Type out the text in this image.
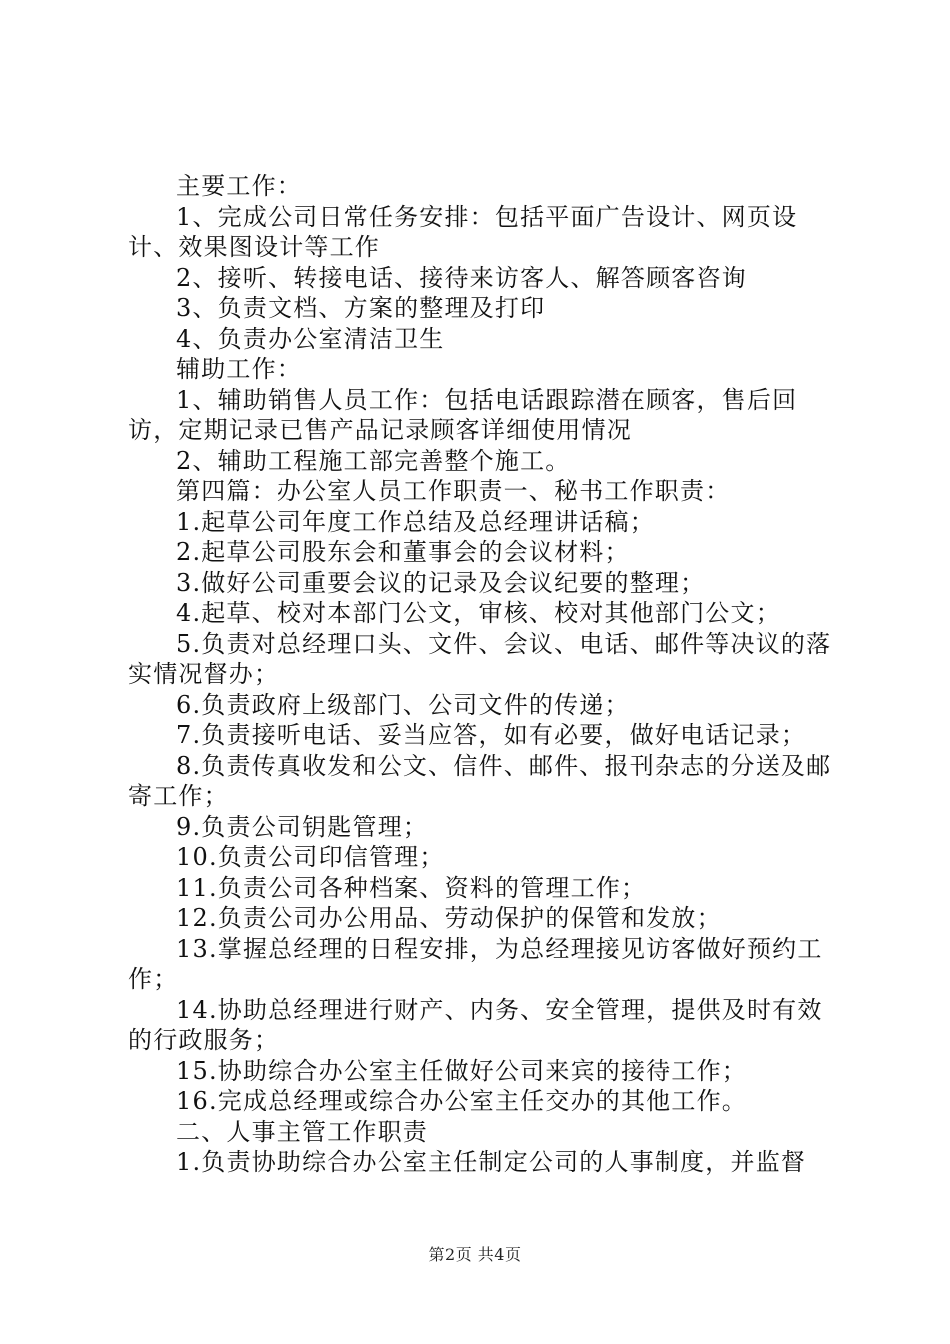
主要工作：

1、完成公司日常任务安排：包括平面广告设计、网页设计、效果图设计等工作

2、接听、转接电话、接待来访客人、解答顾客咨询

3、负责文档、方案的整理及打印

4、负责办公室清洁卫生

辅助工作：

1、辅助销售人员工作：包括电话跟踪潜在顾客，售后回访，定期记录已售产品记录顾客详细使用情况

2、辅助工程施工部完善整个施工。

第四篇：办公室人员工作职责一、秘书工作职责：

1.起草公司年度工作总结及总经理讲话稿；

2.起草公司股东会和董事会的会议材料；

3.做好公司重要会议的记录及会议纪要的整理；

4.起草、校对本部门公文，审核、校对其他部门公文；

5.负责对总经理口头、文件、会议、电话、邮件等决议的落实情况督办；

6.负责政府上级部门、公司文件的传递；

7.负责接听电话、妥当应答，如有必要，做好电话记录；

8.负责传真收发和公文、信件、邮件、报刊杂志的分送及邮寄工作；

9.负责公司钥匙管理；

10.负责公司印信管理；

11.负责公司各种档案、资料的管理工作；

12.负责公司办公用品、劳动保护的保管和发放；

13.掌握总经理的日程安排，为总经理接见访客做好预约工作；

14.协助总经理进行财产、内务、安全管理，提供及时有效的行政服务；

15.协助综合办公室主任做好公司来宾的接待工作；

16.完成总经理或综合办公室主任交办的其他工作。

二、人事主管工作职责

1.负责协助综合办公室主任制定公司的人事制度，并监督

第2页 共4页
